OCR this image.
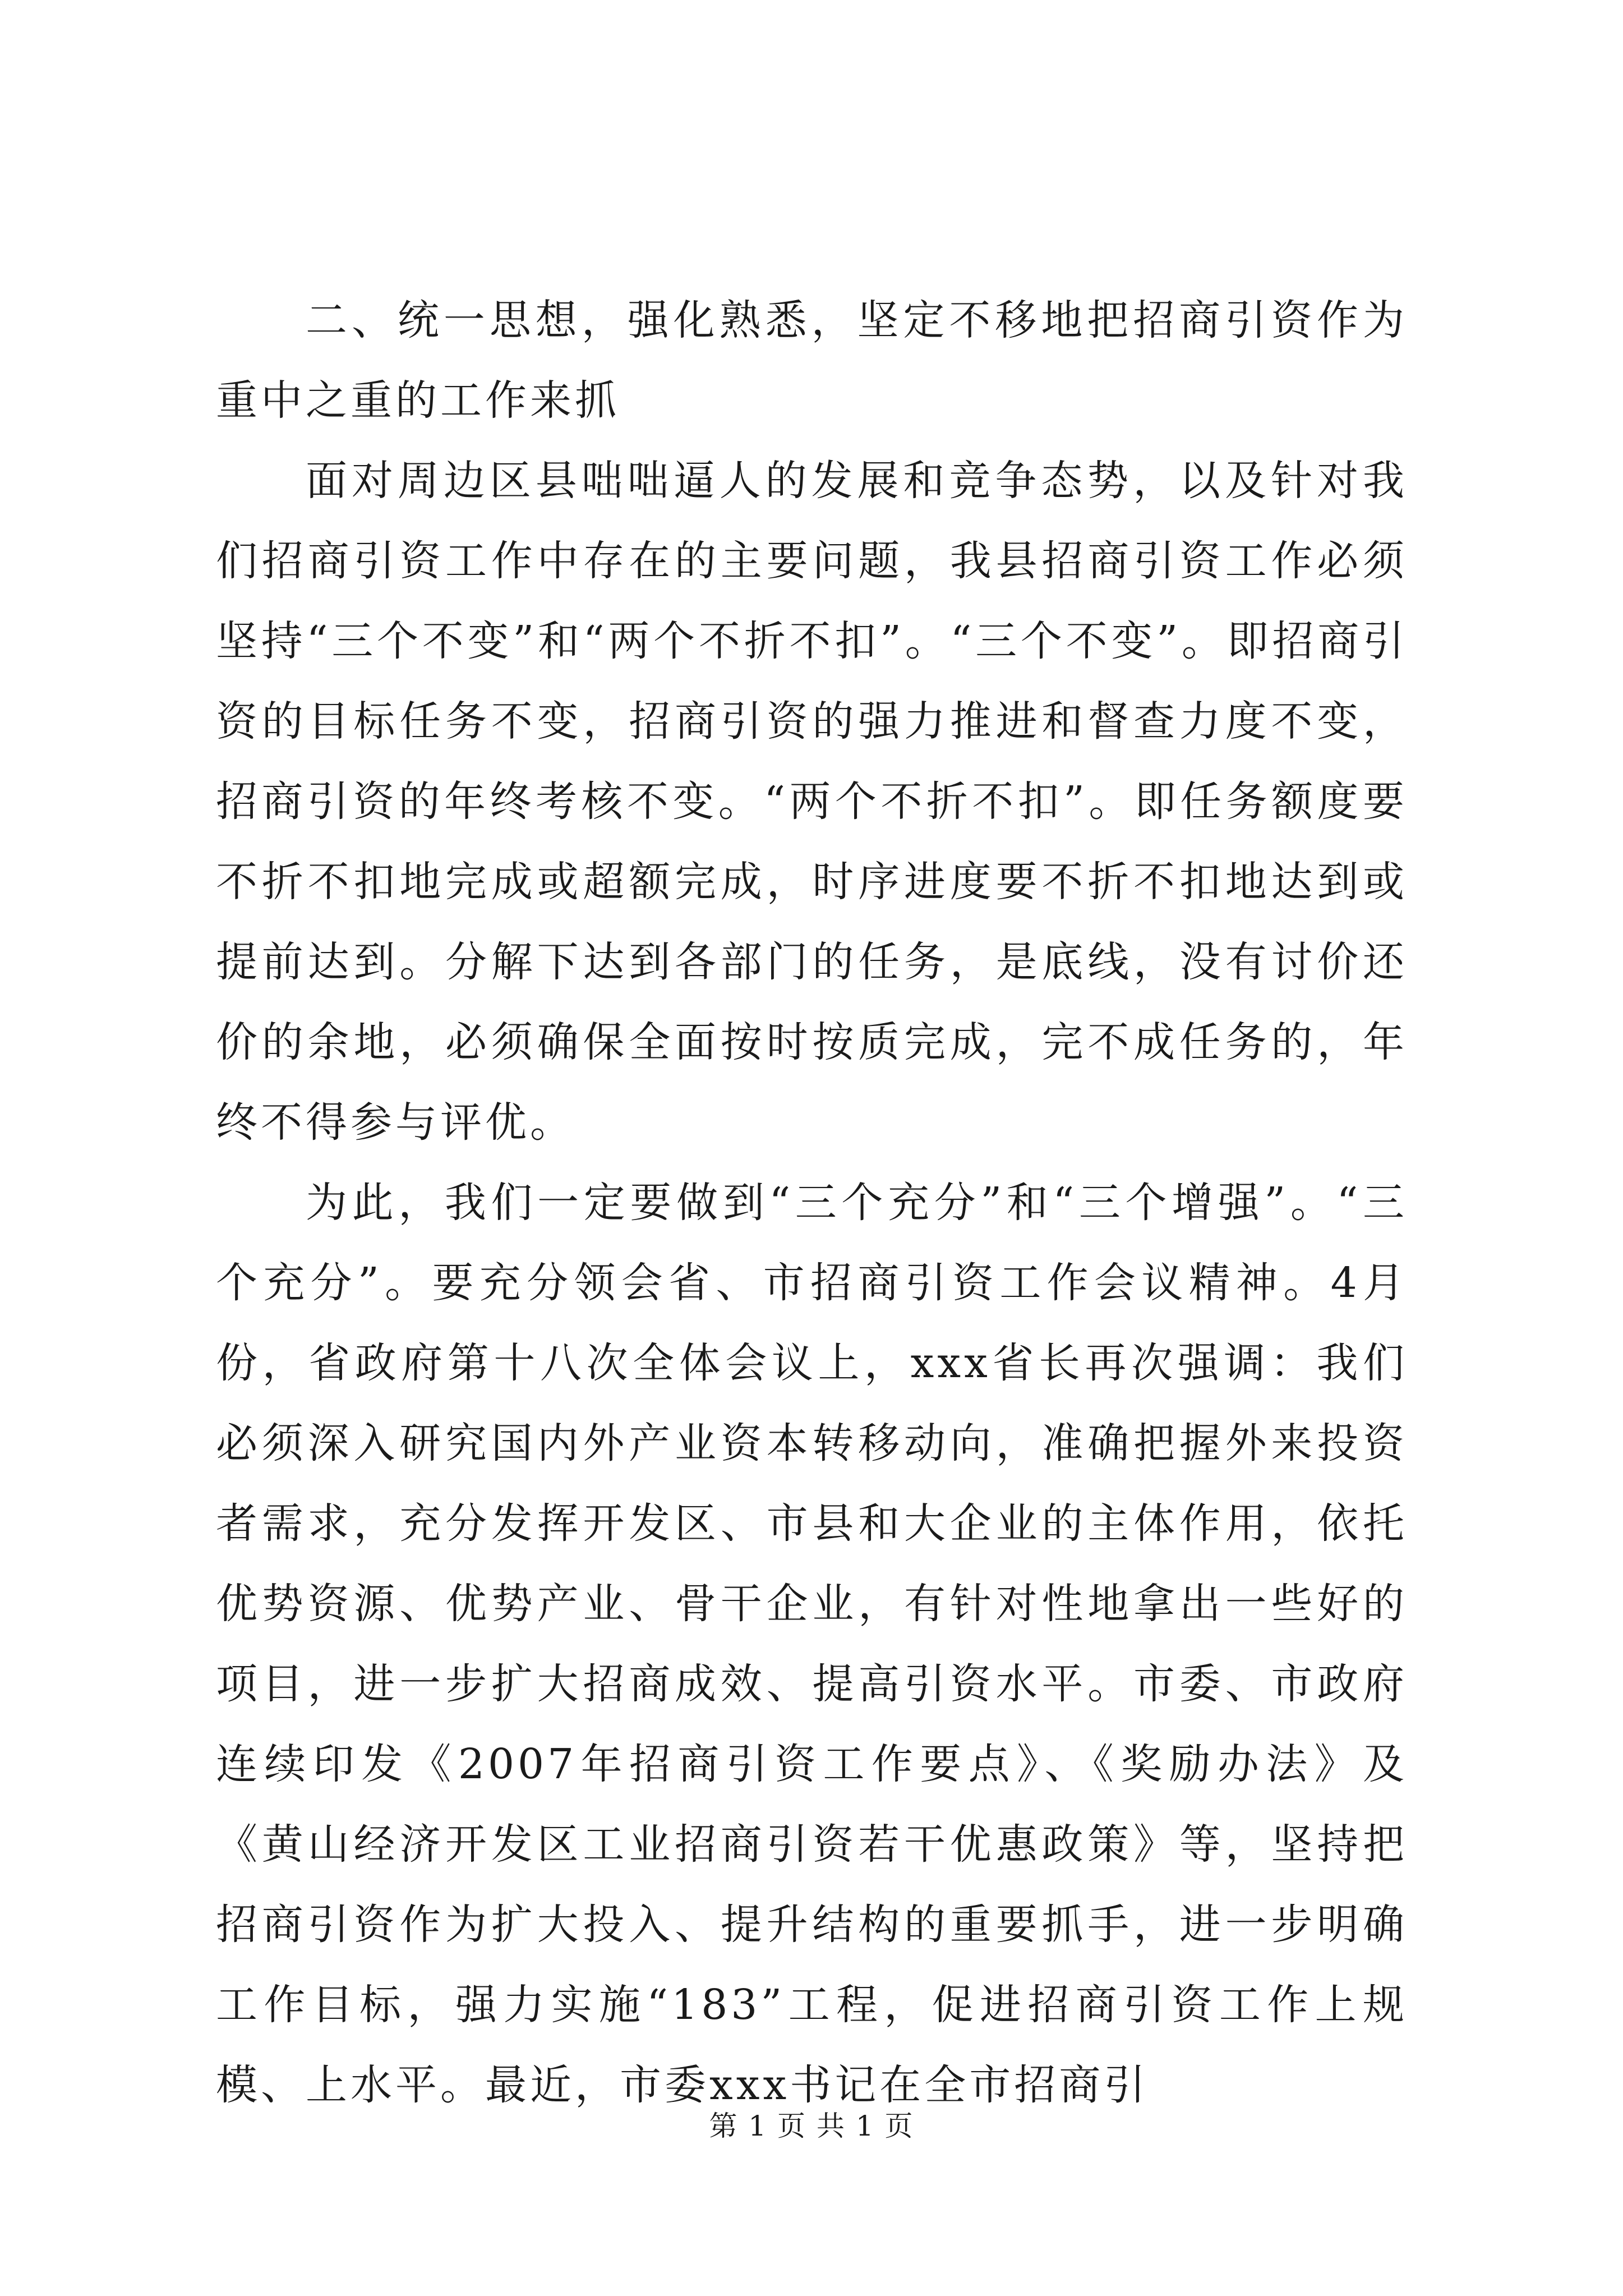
二、统一思想，强化熟悉，坚定不移地把招商引资作为重中之重的工作来抓

面对周边区县咄咄逼人的发展和竞争态势，以及针对我们招商引资工作中存在的主要问题，我县招商引资工作必须坚持“三个不变”和“两个不折不扣”。“三个不变”。即招商引资的目标任务不变，招商引资的强力推进和督查力度不变，招商引资的年终考核不变。“两个不折不扣”。即任务额度要不折不扣地完成或超额完成，时序进度要不折不扣地达到或提前达到。分解下达到各部门的任务，是底线，没有讨价还价的余地，必须确保全面按时按质完成，完不成任务的，年终不得参与评优。

为此，我们一定要做到“三个充分”和“三个增强”。“三个充分”。要充分领会省、市招商引资工作会议精神。4月份，省政府第十八次全体会议上，xxx省长再次强调：我们必须深入研究国内外产业资本转移动向，准确把握外来投资者需求，充分发挥开发区、市县和大企业的主体作用，依托优势资源、优势产业、骨干企业，有针对性地拿出一些好的项目，进一步扩大招商成效、提高引资水平。市委、市政府连续印发《2007年招商引资工作要点》、《奖励办法》及《黄山经济开发区工业招商引资若干优惠政策》等，坚持把招商引资作为扩大投入、提升结构的重要抓手，进一步明确工作目标，强力实施“183”工程，促进招商引资工作上规模、上水平。最近，市委xxx书记在全市招商引

第 1 页 共 1 页
